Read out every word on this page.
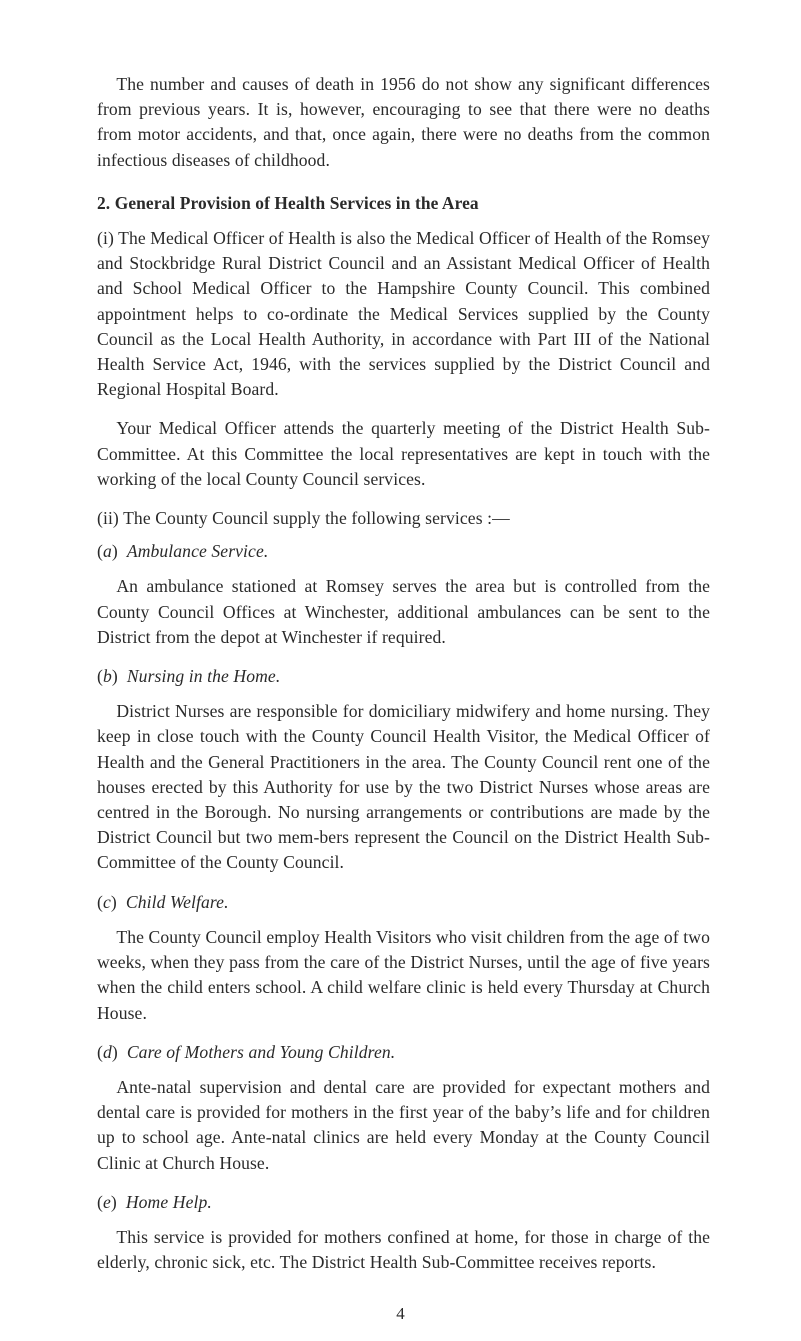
The number and causes of death in 1956 do not show any significant differences from previous years. It is, however, encouraging to see that there were no deaths from motor accidents, and that, once again, there were no deaths from the common infectious diseases of childhood.

2. General Provision of Health Services in the Area

(i) The Medical Officer of Health is also the Medical Officer of Health of the Romsey and Stockbridge Rural District Council and an Assistant Medical Officer of Health and School Medical Officer to the Hampshire County Council. This combined appointment helps to co-ordinate the Medical Services supplied by the County Council as the Local Health Authority, in accordance with Part III of the National Health Service Act, 1946, with the services supplied by the District Council and Regional Hospital Board.

Your Medical Officer attends the quarterly meeting of the District Health Sub-Committee. At this Committee the local representatives are kept in touch with the working of the local County Council services.

(ii) The County Council supply the following services :—

(a) Ambulance Service.

An ambulance stationed at Romsey serves the area but is controlled from the County Council Offices at Winchester, additional ambulances can be sent to the District from the depot at Winchester if required.

(b) Nursing in the Home.

District Nurses are responsible for domiciliary midwifery and home nursing. They keep in close touch with the County Council Health Visitor, the Medical Officer of Health and the General Practitioners in the area. The County Council rent one of the houses erected by this Authority for use by the two District Nurses whose areas are centred in the Borough. No nursing arrangements or contributions are made by the District Council but two mem-bers represent the Council on the District Health Sub-Committee of the County Council.

(c) Child Welfare.

The County Council employ Health Visitors who visit children from the age of two weeks, when they pass from the care of the District Nurses, until the age of five years when the child enters school. A child welfare clinic is held every Thursday at Church House.

(d) Care of Mothers and Young Children.

Ante-natal supervision and dental care are provided for expectant mothers and dental care is provided for mothers in the first year of the baby’s life and for children up to school age. Ante-natal clinics are held every Monday at the County Council Clinic at Church House.

(e) Home Help.

This service is provided for mothers confined at home, for those in charge of the elderly, chronic sick, etc. The District Health Sub-Committee receives reports.

4
